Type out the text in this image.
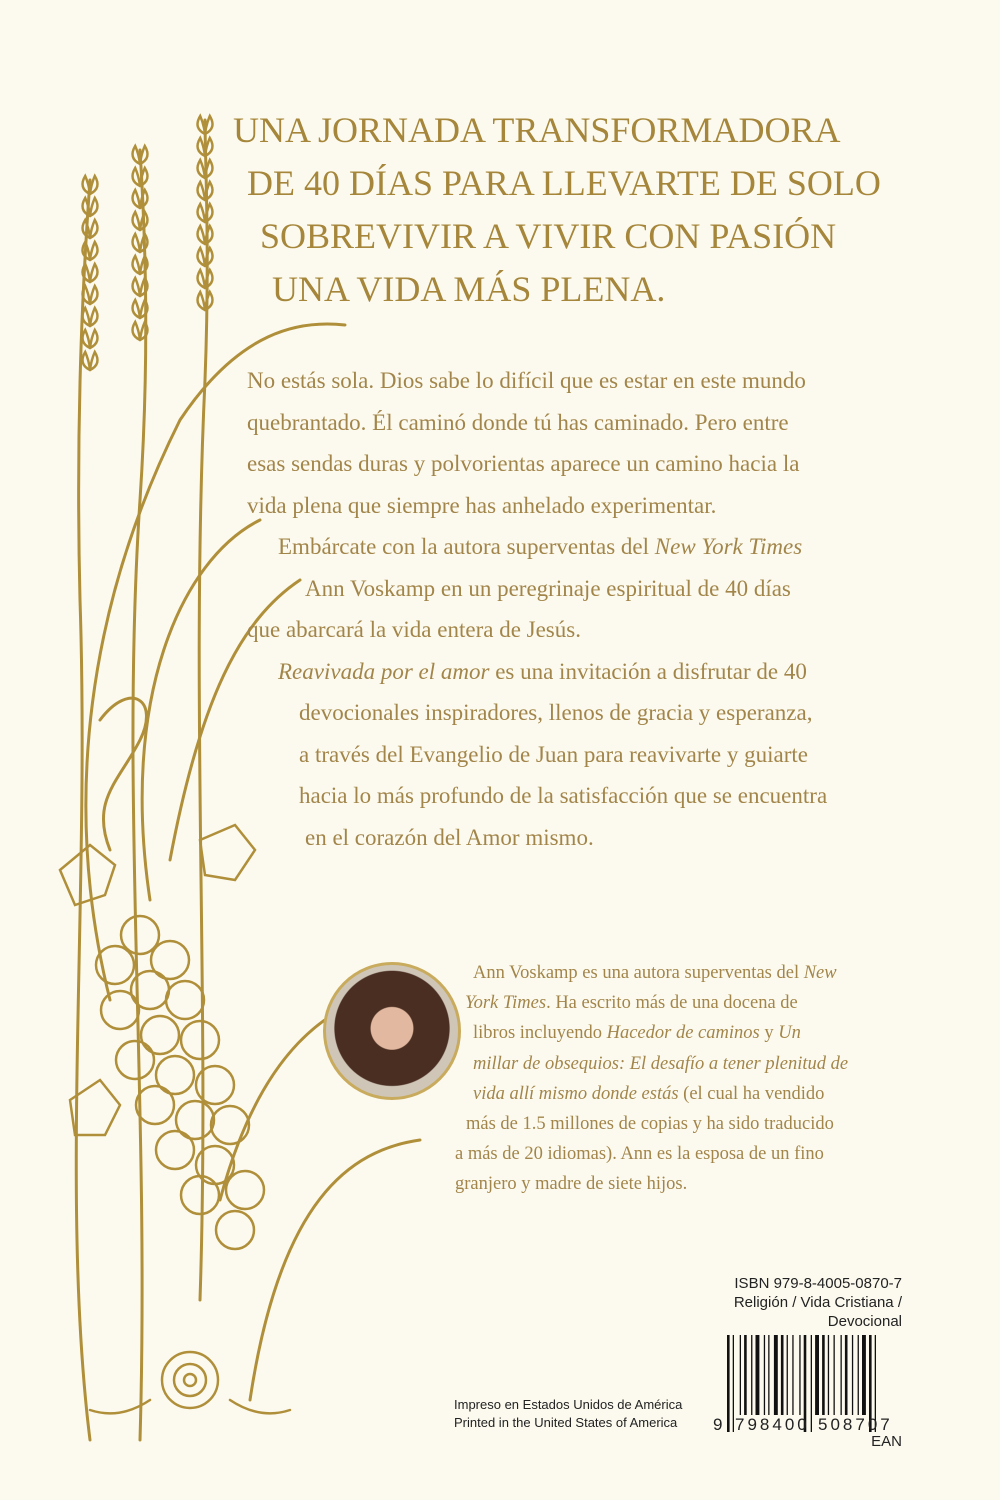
UNA JORNADA TRANSFORMADORA
DE 40 DÍAS PARA LLEVARTE DE SOLO
SOBREVIVIR A VIVIR CON PASIÓN
UNA VIDA MÁS PLENA.
No estás sola. Dios sabe lo difícil que es estar en este mundo
quebrantado. Él caminó donde tú has caminado. Pero entre
esas sendas duras y polvorientas aparece un camino hacia la
vida plena que siempre has anhelado experimentar.
Embárcate con la autora superventas del New York Times
Ann Voskamp en un peregrinaje espiritual de 40 días
que abarcará la vida entera de Jesús.
Reavivada por el amor es una invitación a disfrutar de 40
devocionales inspiradores, llenos de gracia y esperanza,
a través del Evangelio de Juan para reavivarte y guiarte
hacia lo más profundo de la satisfacción que se encuentra
en el corazón del Amor mismo.
Ann Voskamp es una autora superventas del New
York Times. Ha escrito más de una docena de
libros incluyendo Hacedor de caminos y Un
millar de obsequios: El desafío a tener plenitud de
vida allí mismo donde estás (el cual ha vendido
más de 1.5 millones de copias y ha sido traducido
a más de 20 idiomas). Ann es la esposa de un fino
granjero y madre de siete hijos.
Impreso en Estados Unidos de América
Printed in the United States of America
ISBN 979-8-4005-0870-7
Religión / Vida Cristiana /
Devocional
9 798400 508707
EAN
